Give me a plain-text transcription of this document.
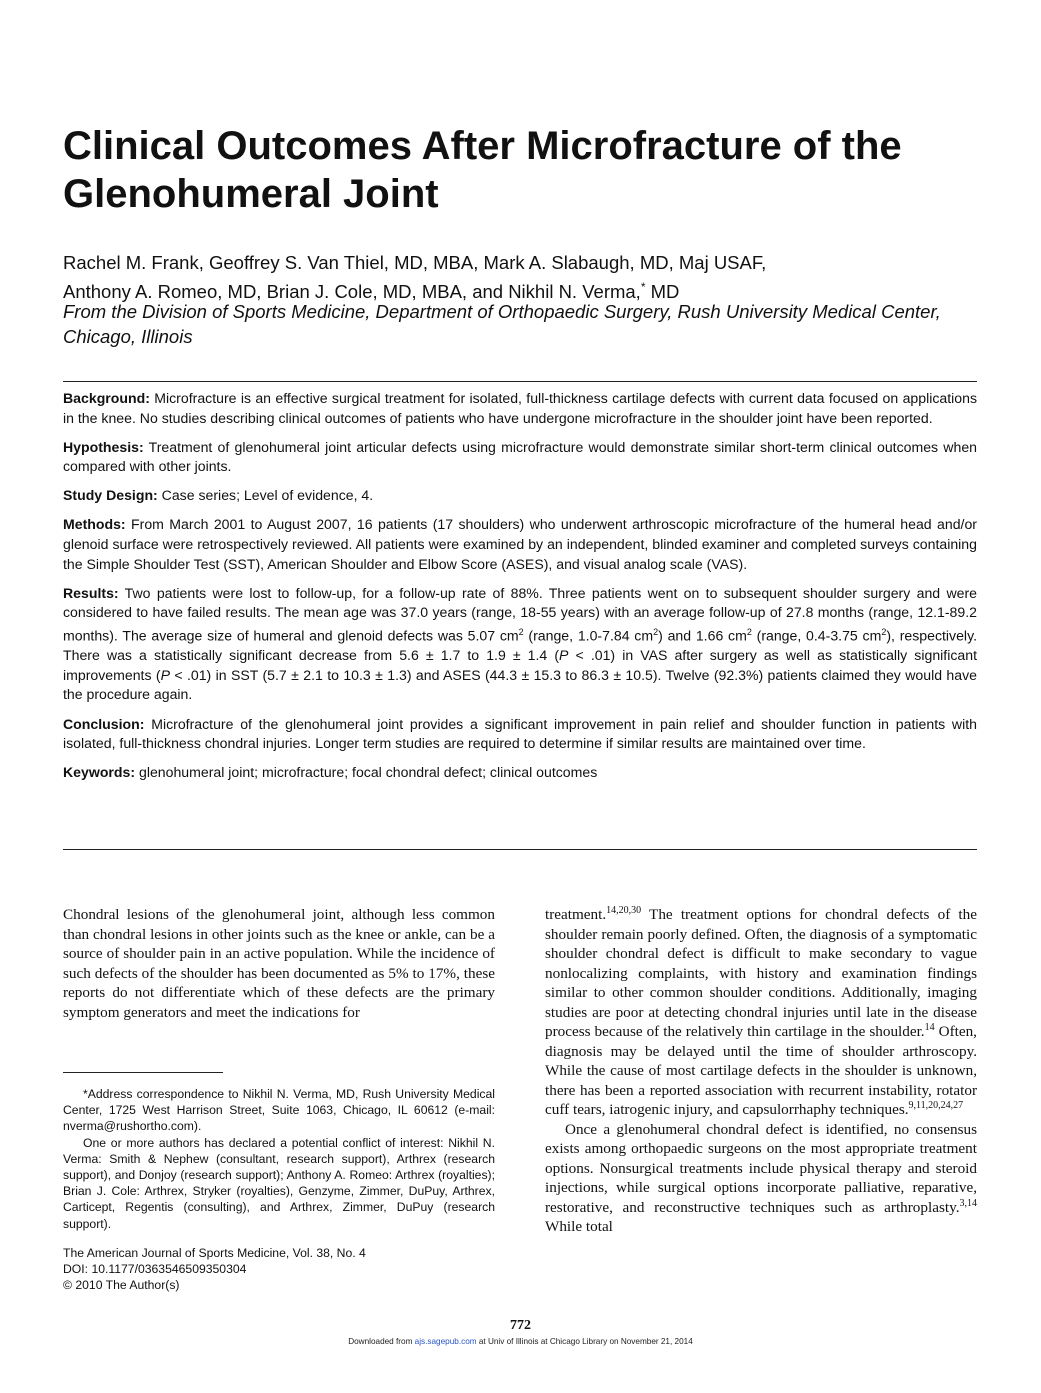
Clinical Outcomes After Microfracture of the Glenohumeral Joint
Rachel M. Frank, Geoffrey S. Van Thiel, MD, MBA, Mark A. Slabaugh, MD, Maj USAF,
Anthony A. Romeo, MD, Brian J. Cole, MD, MBA, and Nikhil N. Verma,* MD
From the Division of Sports Medicine, Department of Orthopaedic Surgery, Rush University Medical Center, Chicago, Illinois

Background: Microfracture is an effective surgical treatment for isolated, full-thickness cartilage defects with current data focused on applications in the knee. No studies describing clinical outcomes of patients who have undergone microfracture in the shoulder joint have been reported.

Hypothesis: Treatment of glenohumeral joint articular defects using microfracture would demonstrate similar short-term clinical outcomes when compared with other joints.

Study Design: Case series; Level of evidence, 4.

Methods: From March 2001 to August 2007, 16 patients (17 shoulders) who underwent arthroscopic microfracture of the humeral head and/or glenoid surface were retrospectively reviewed. All patients were examined by an independent, blinded examiner and completed surveys containing the Simple Shoulder Test (SST), American Shoulder and Elbow Score (ASES), and visual analog scale (VAS).

Results: Two patients were lost to follow-up, for a follow-up rate of 88%. Three patients went on to subsequent shoulder surgery and were considered to have failed results. The mean age was 37.0 years (range, 18-55 years) with an average follow-up of 27.8 months (range, 12.1-89.2 months). The average size of humeral and glenoid defects was 5.07 $cm^2$ (range, 1.0-7.84 $cm^2$) and 1.66 $cm^2$ (range, 0.4-3.75 $cm^2$), respectively. There was a statistically significant decrease from 5.6 ± 1.7 to 1.9 ± 1.4 (P < .01) in VAS after surgery as well as statistically significant improvements (P < .01) in SST (5.7 ± 2.1 to 10.3 ± 1.3) and ASES (44.3 ± 15.3 to 86.3 ± 10.5). Twelve (92.3%) patients claimed they would have the procedure again.

Conclusion: Microfracture of the glenohumeral joint provides a significant improvement in pain relief and shoulder function in patients with isolated, full-thickness chondral injuries. Longer term studies are required to determine if similar results are maintained over time.

Keywords: glenohumeral joint; microfracture; focal chondral defect; clinical outcomes

Chondral lesions of the glenohumeral joint, although less common than chondral lesions in other joints such as the knee or ankle, can be a source of shoulder pain in an active population. While the incidence of such defects of the shoulder has been documented as 5% to 17%, these reports do not differentiate which of these defects are the primary symptom generators and meet the indications for

*Address correspondence to Nikhil N. Verma, MD, Rush University Medical Center, 1725 West Harrison Street, Suite 1063, Chicago, IL 60612 (e-mail: nverma@rushortho.com).

One or more authors has declared a potential conflict of interest: Nikhil N. Verma: Smith & Nephew (consultant, research support), Arthrex (research support), and Donjoy (research support); Anthony A. Romeo: Arthrex (royalties); Brian J. Cole: Arthrex, Stryker (royalties), Genzyme, Zimmer, DuPuy, Arthrex, Carticept, Regentis (consulting), and Arthrex, Zimmer, DuPuy (research support).

The American Journal of Sports Medicine, Vol. 38, No. 4
DOI: 10.1177/0363546509350304
© 2010 The Author(s)

treatment.$^{14,20,30}$ The treatment options for chondral defects of the shoulder remain poorly defined. Often, the diagnosis of a symptomatic shoulder chondral defect is difficult to make secondary to vague nonlocalizing complaints, with history and examination findings similar to other common shoulder conditions. Additionally, imaging studies are poor at detecting chondral injuries until late in the disease process because of the relatively thin cartilage in the shoulder.$^{14}$ Often, diagnosis may be delayed until the time of shoulder arthroscopy. While the cause of most cartilage defects in the shoulder is unknown, there has been a reported association with recurrent instability, rotator cuff tears, iatrogenic injury, and capsulorrhaphy techniques.$^{9,11,20,24,27}$

Once a glenohumeral chondral defect is identified, no consensus exists among orthopaedic surgeons on the most appropriate treatment options. Nonsurgical treatments include physical therapy and steroid injections, while surgical options incorporate palliative, reparative, restorative, and reconstructive techniques such as arthroplasty.$^{3,14}$ While total

772
Downloaded from ajs.sagepub.com at Univ of Illinois at Chicago Library on November 21, 2014
